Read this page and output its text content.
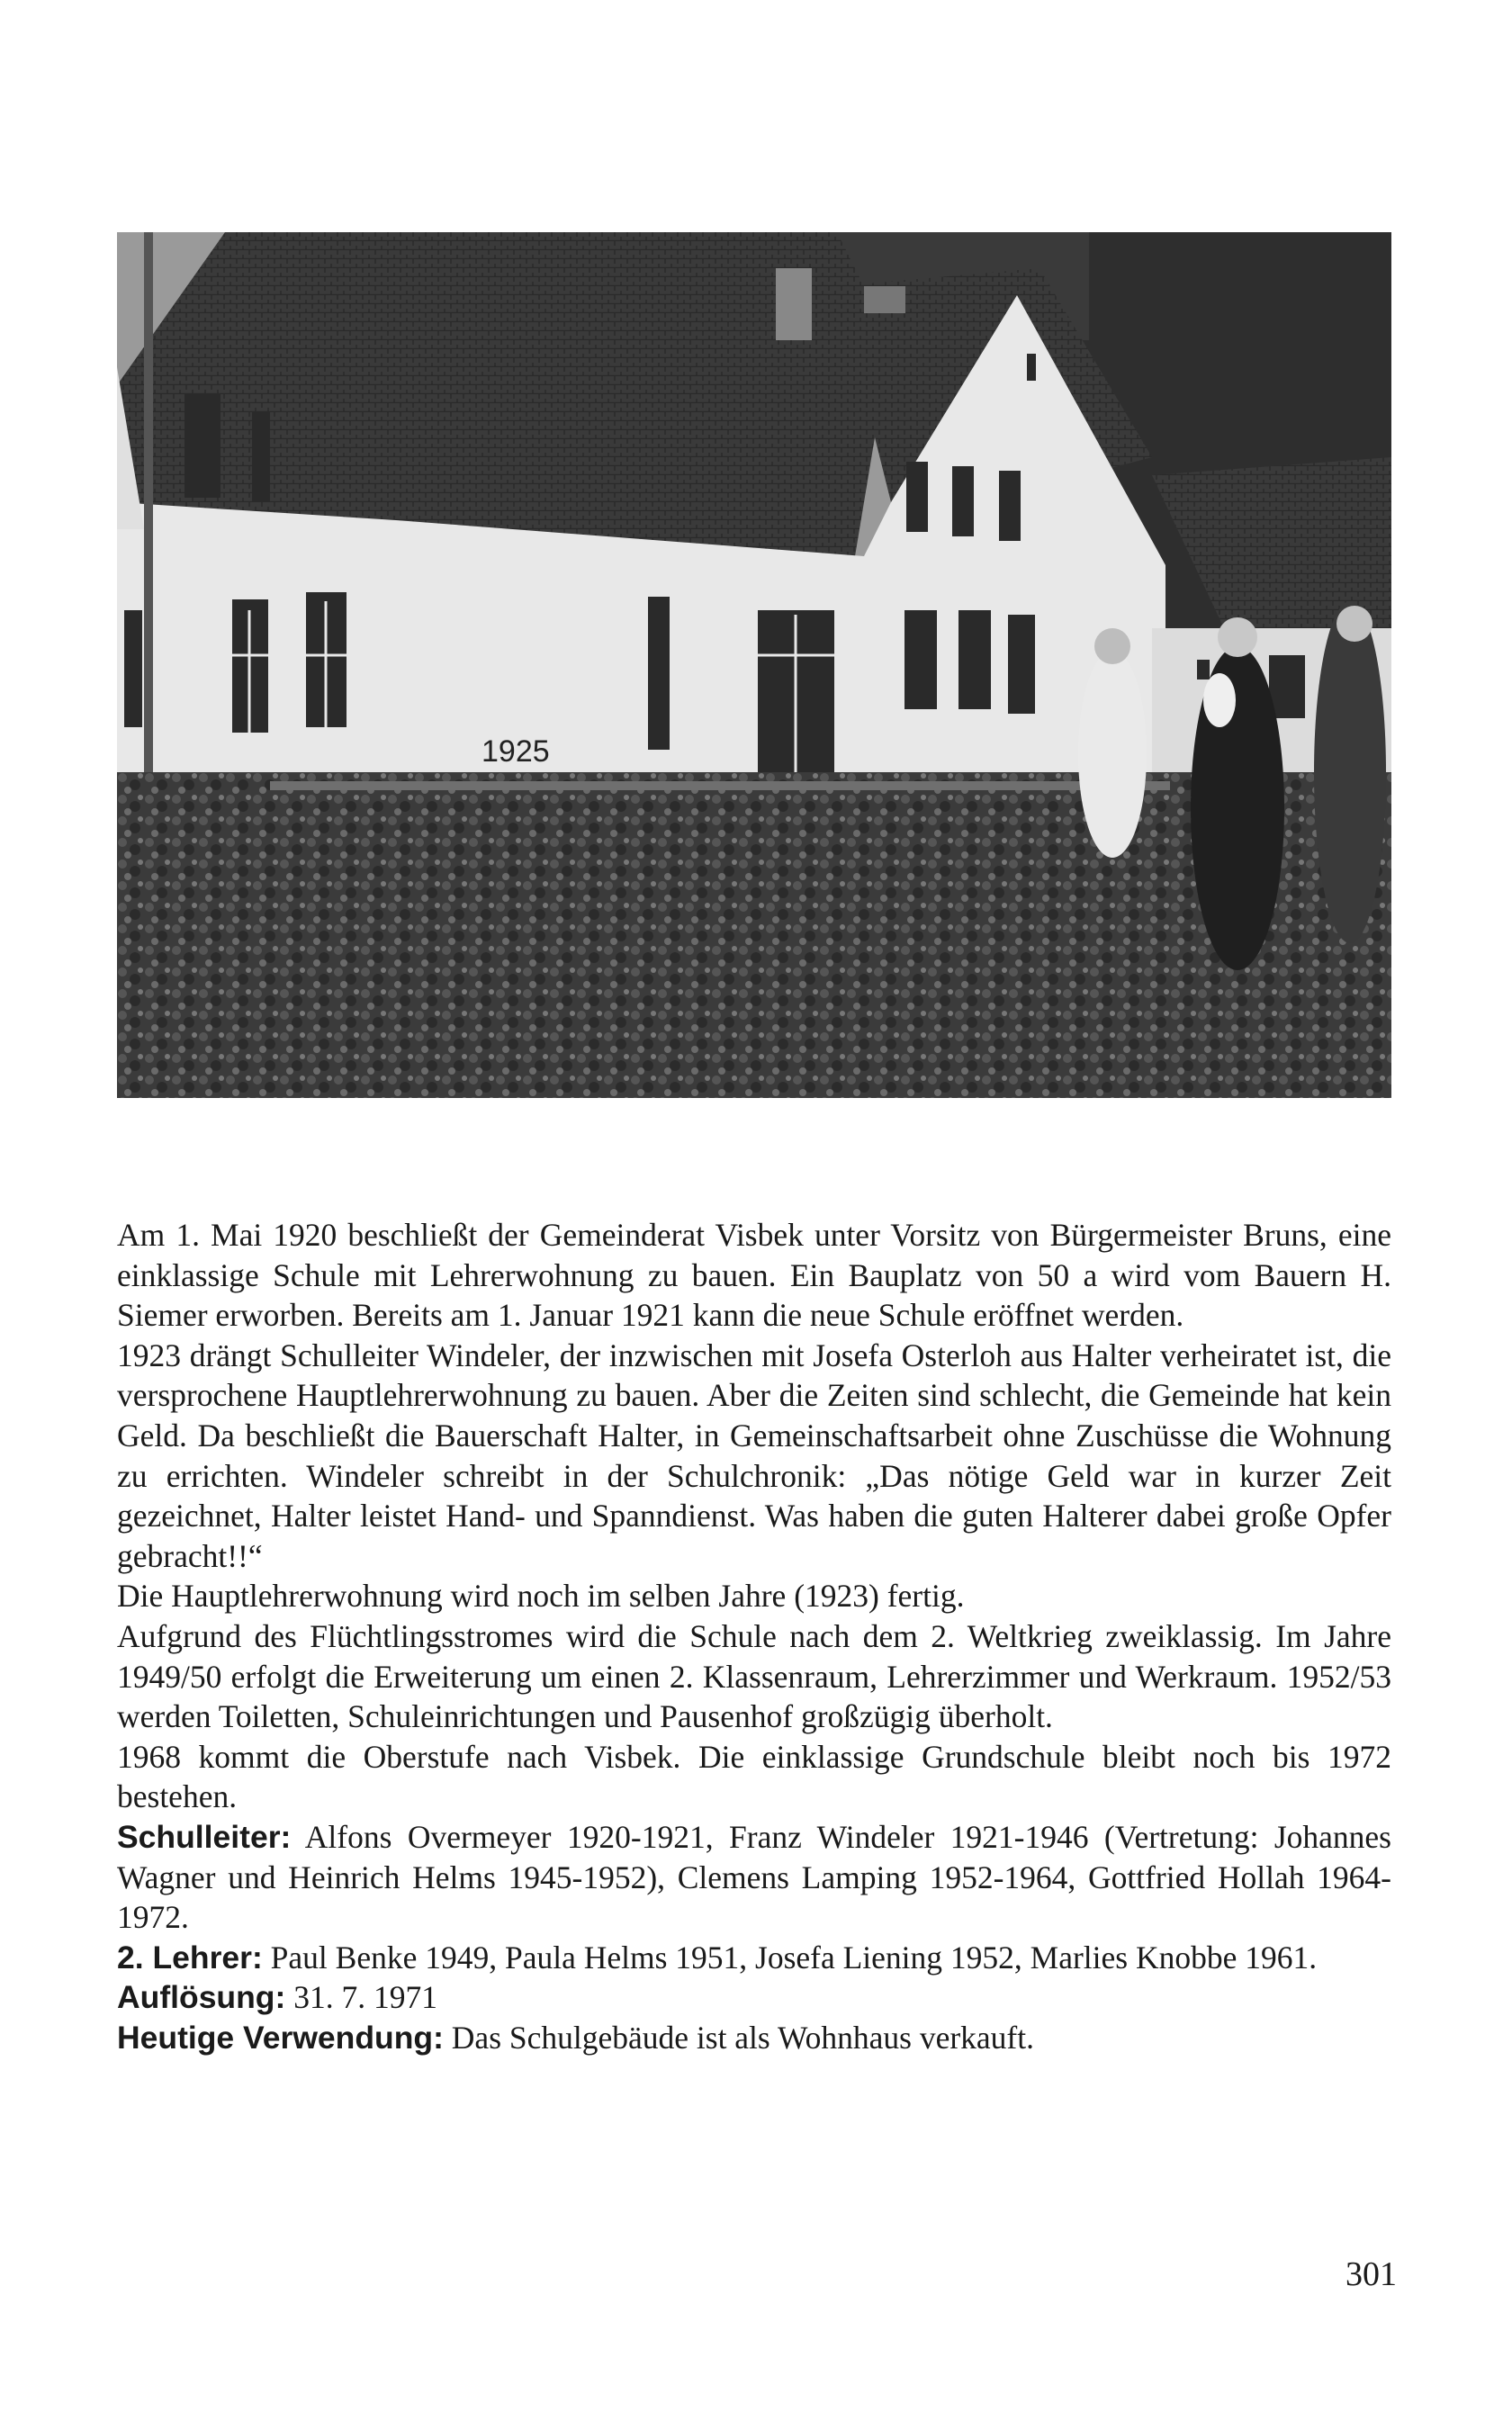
1925

Am 1. Mai 1920 beschließt der Gemeinderat Visbek unter Vorsitz von Bürgermeister Bruns, eine einklassige Schule mit Lehrerwohnung zu bauen. Ein Bauplatz von 50 a wird vom Bauern H. Siemer erworben. Bereits am 1. Januar 1921 kann die neue Schule eröffnet werden.

1923 drängt Schulleiter Windeler, der inzwischen mit Josefa Osterloh aus Halter verheiratet ist, die versprochene Hauptlehrerwohnung zu bauen. Aber die Zeiten sind schlecht, die Gemeinde hat kein Geld. Da beschließt die Bauerschaft Halter, in Gemeinschaftsarbeit ohne Zuschüsse die Wohnung zu errichten. Windeler schreibt in der Schulchronik: „Das nötige Geld war in kurzer Zeit gezeichnet, Halter leistet Hand- und Spanndienst. Was haben die guten Halterer dabei große Opfer gebracht!!“

Die Hauptlehrerwohnung wird noch im selben Jahre (1923) fertig.

Aufgrund des Flüchtlingsstromes wird die Schule nach dem 2. Weltkrieg zweiklassig. Im Jahre 1949/50 erfolgt die Erweiterung um einen 2. Klassenraum, Lehrerzimmer und Werkraum. 1952/53 werden Toiletten, Schuleinrichtungen und Pausenhof großzügig überholt.

1968 kommt die Oberstufe nach Visbek. Die einklassige Grundschule bleibt noch bis 1972 bestehen.

Schulleiter: Alfons Overmeyer 1920-1921, Franz Windeler 1921-1946 (Vertretung: Johannes Wagner und Heinrich Helms 1945-1952), Clemens Lamping 1952-1964, Gottfried Hollah 1964-1972.

2. Lehrer: Paul Benke 1949, Paula Helms 1951, Josefa Liening 1952, Marlies Knobbe 1961.

Auflösung: 31. 7. 1971

Heutige Verwendung: Das Schulgebäude ist als Wohnhaus verkauft.

301
